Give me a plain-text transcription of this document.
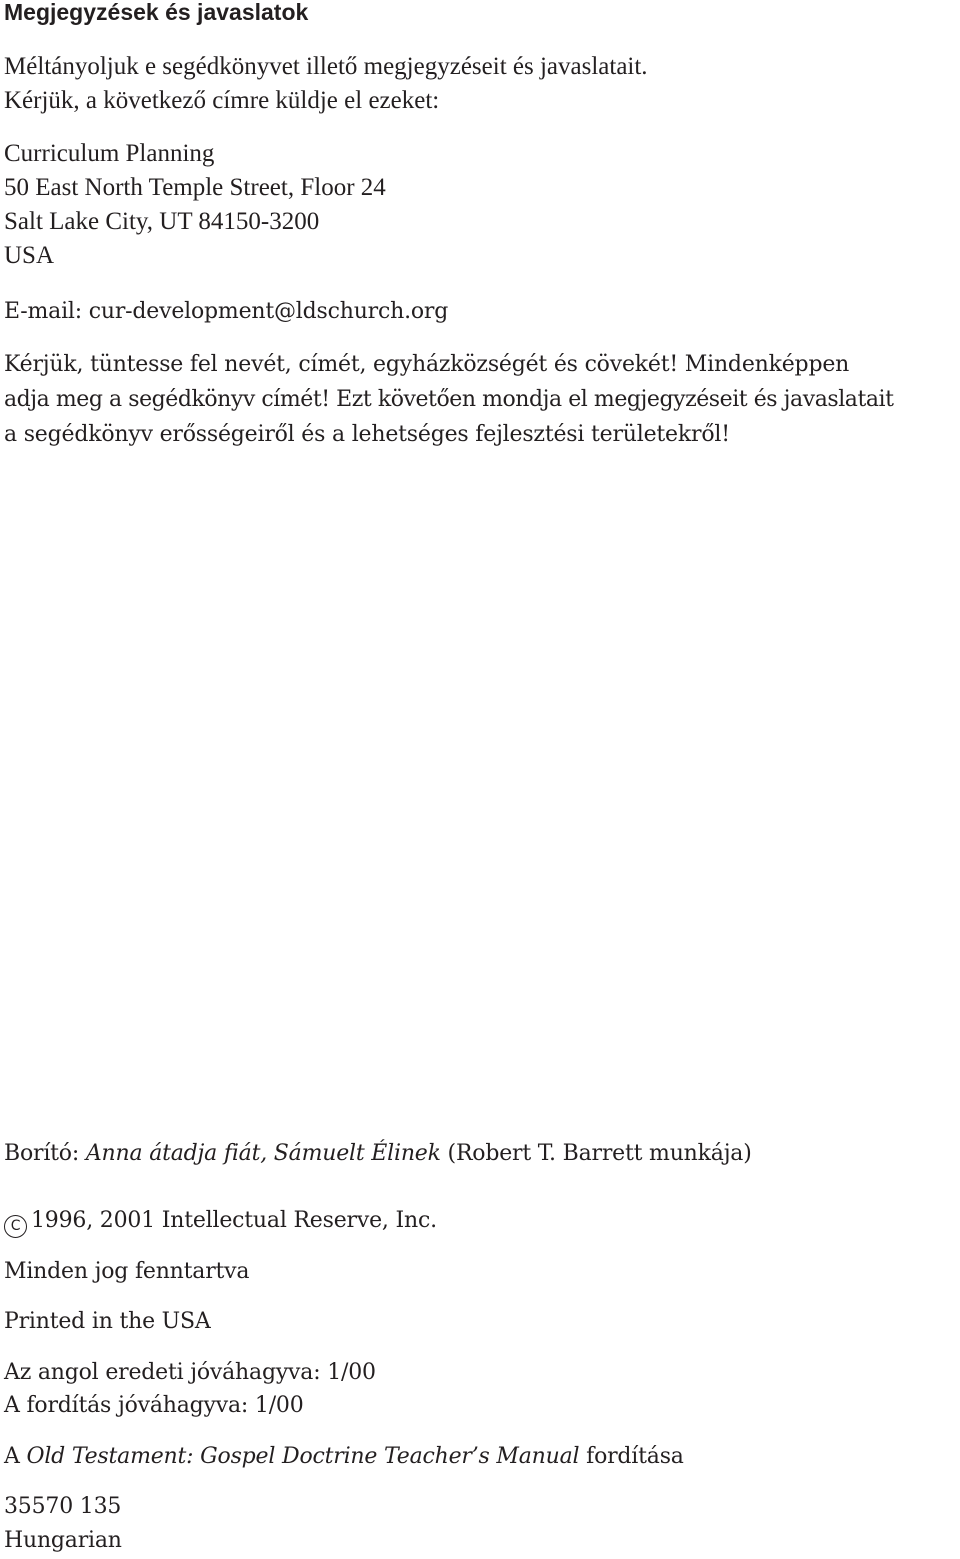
Megjegyzések és javaslatok

Méltányoljuk e segédkönyvet illető megjegyzéseit és javaslatait.

Kérjük, a következő címre küldje el ezeket:

Curriculum Planning

50 East North Temple Street, Floor 24

Salt Lake City, UT 84150-3200

USA

E-mail: cur-development@ldschurch.org

Kérjük, tüntesse fel nevét, címét, egyházközségét és cövekét! Mindenképpen

adja meg a segédkönyv címét! Ezt követően mondja el megjegyzéseit és javaslatait

a segédkönyv erősségeiről és a lehetséges fejlesztési területekről!

Borító: Anna átadja fiát, Sámuelt Élinek (Robert T. Barrett munkája)

C 1996, 2001 Intellectual Reserve, Inc.

Minden jog fenntartva

Printed in the USA

Az angol eredeti jóváhagyva: 1/00

A fordítás jóváhagyva: 1/00

A Old Testament: Gospel Doctrine Teacher’s Manual fordítása

35570 135

Hungarian
